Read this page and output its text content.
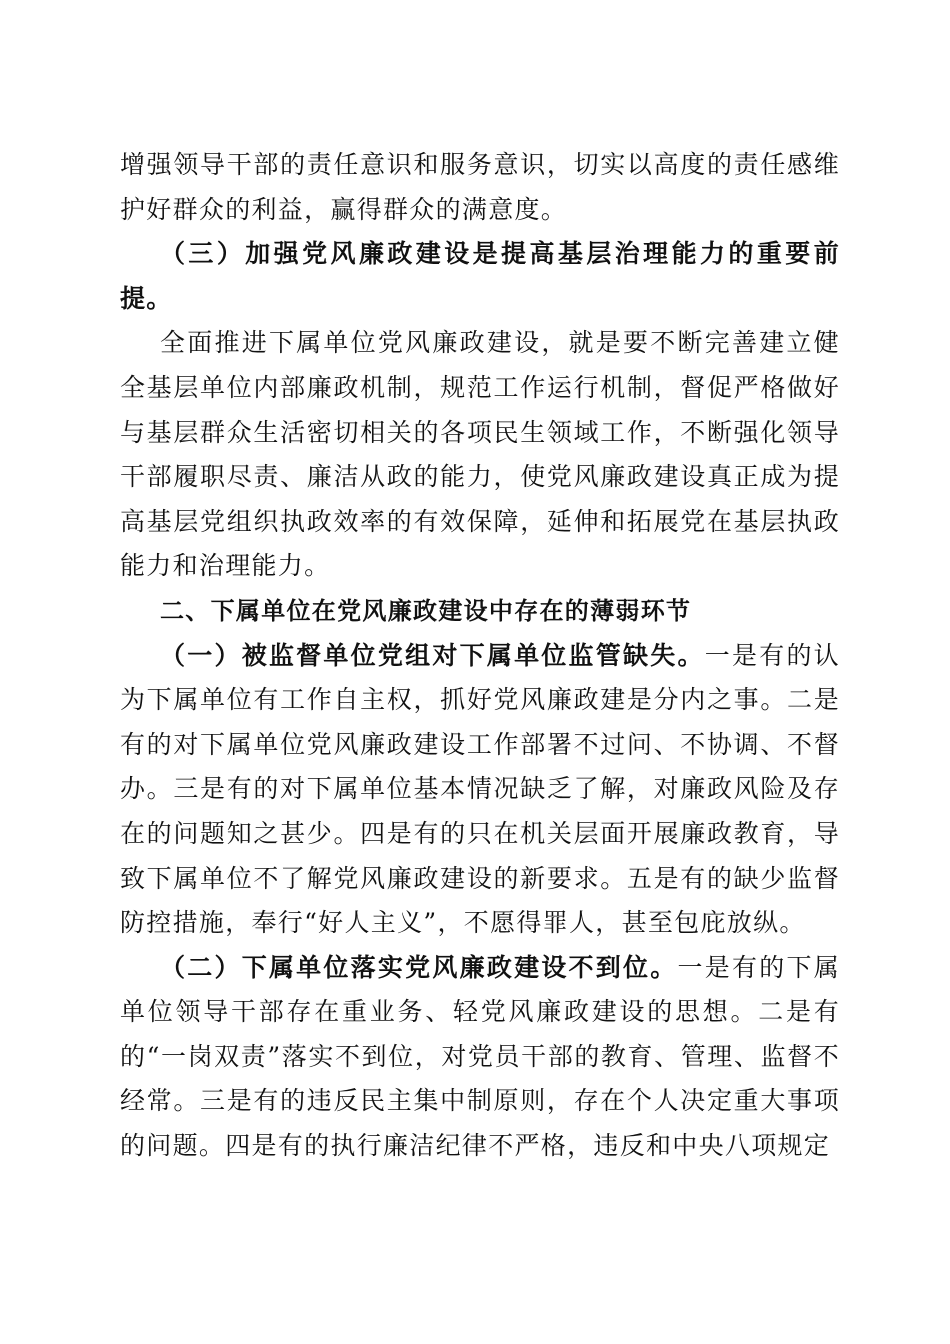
增强领导干部的责任意识和服务意识，切实以高度的责任感维护好群众的利益，赢得群众的满意度。

（三）加强党风廉政建设是提高基层治理能力的重要前提。

全面推进下属单位党风廉政建设，就是要不断完善建立健全基层单位内部廉政机制，规范工作运行机制，督促严格做好与基层群众生活密切相关的各项民生领域工作，不断强化领导干部履职尽责、廉洁从政的能力，使党风廉政建设真正成为提高基层党组织执政效率的有效保障，延伸和拓展党在基层执政能力和治理能力。

二、下属单位在党风廉政建设中存在的薄弱环节

（一）被监督单位党组对下属单位监管缺失。一是有的认为下属单位有工作自主权，抓好党风廉政建是分内之事。二是有的对下属单位党风廉政建设工作部署不过问、不协调、不督办。三是有的对下属单位基本情况缺乏了解，对廉政风险及存在的问题知之甚少。四是有的只在机关层面开展廉政教育，导致下属单位不了解党风廉政建设的新要求。五是有的缺少监督防控措施，奉行“好人主义”，不愿得罪人，甚至包庇放纵。

（二）下属单位落实党风廉政建设不到位。一是有的下属单位领导干部存在重业务、轻党风廉政建设的思想。二是有的“一岗双责”落实不到位，对党员干部的教育、管理、监督不经常。三是有的违反民主集中制原则，存在个人决定重大事项的问题。四是有的执行廉洁纪律不严格，违反和中央八项规定
